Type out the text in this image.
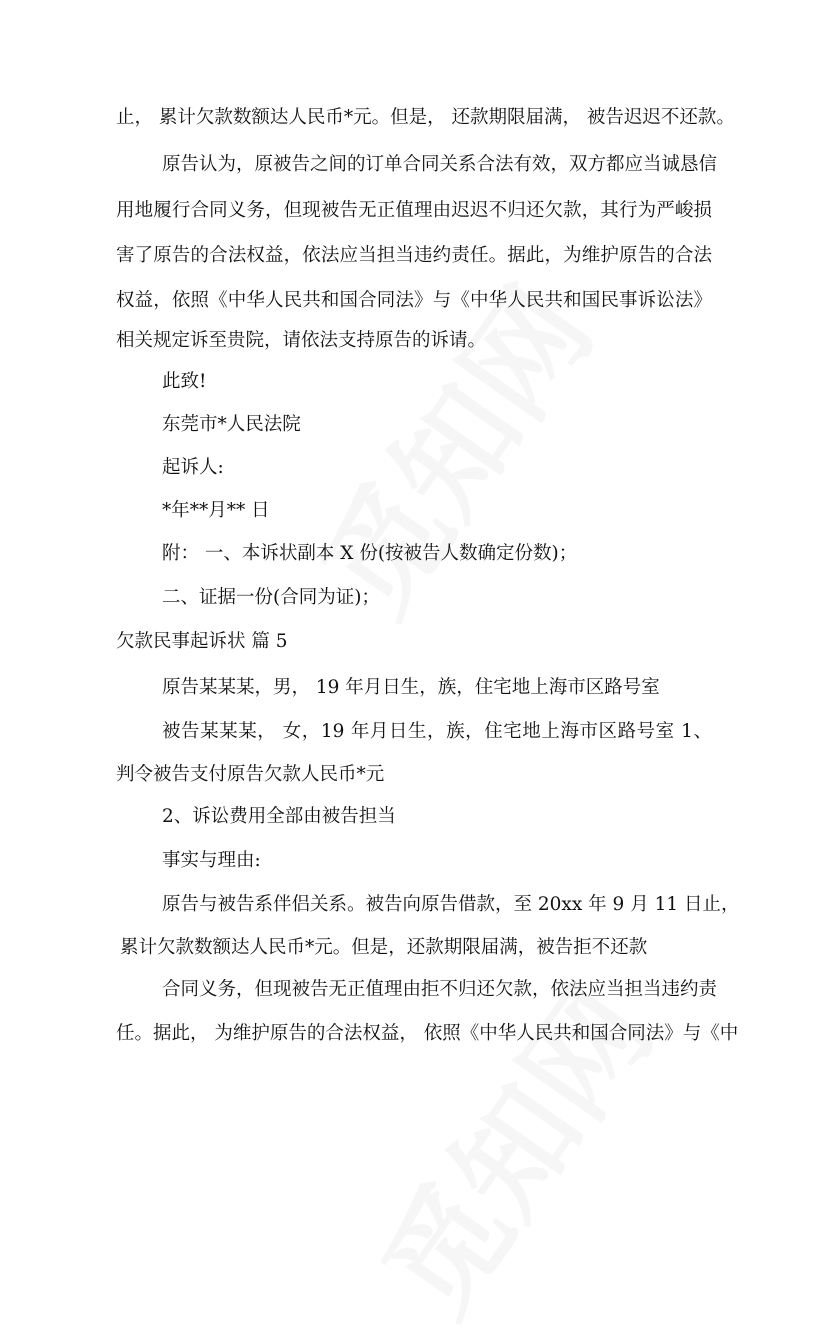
止， 累计欠款数额达人民币*元。但是， 还款期限届满， 被告迟迟不还款。
原告认为，原被告之间的订单合同关系合法有效，双方都应当诚恳信
用地履行合同义务，但现被告无正值理由迟迟不归还欠款，其行为严峻损
害了原告的合法权益，依法应当担当违约责任。据此，为维护原告的合法
权益，依照《中华人民共和国合同法》与《中华人民共和国民事诉讼法》
相关规定诉至贵院，请依法支持原告的诉请。
此致!
东莞市*人民法院
起诉人:
*年**月** 日
附： 一、本诉状副本 X 份(按被告人数确定份数)；
二、证据一份(合同为证)；
欠款民事起诉状 篇 5
原告某某某，男， 19 年月日生，族，住宅地上海市区路号室
被告某某某， 女，19 年月日生，族，住宅地上海市区路号室 1、
判令被告支付原告欠款人民币*元
2、诉讼费用全部由被告担当
事实与理由:
原告与被告系伴侣关系。被告向原告借款，至 20xx 年 9 月 11 日止，
累计欠款数额达人民币*元。但是，还款期限届满，被告拒不还款
合同义务，但现被告无正值理由拒不归还欠款，依法应当担当违约责
任。据此， 为维护原告的合法权益， 依照《中华人民共和国合同法》与《中
